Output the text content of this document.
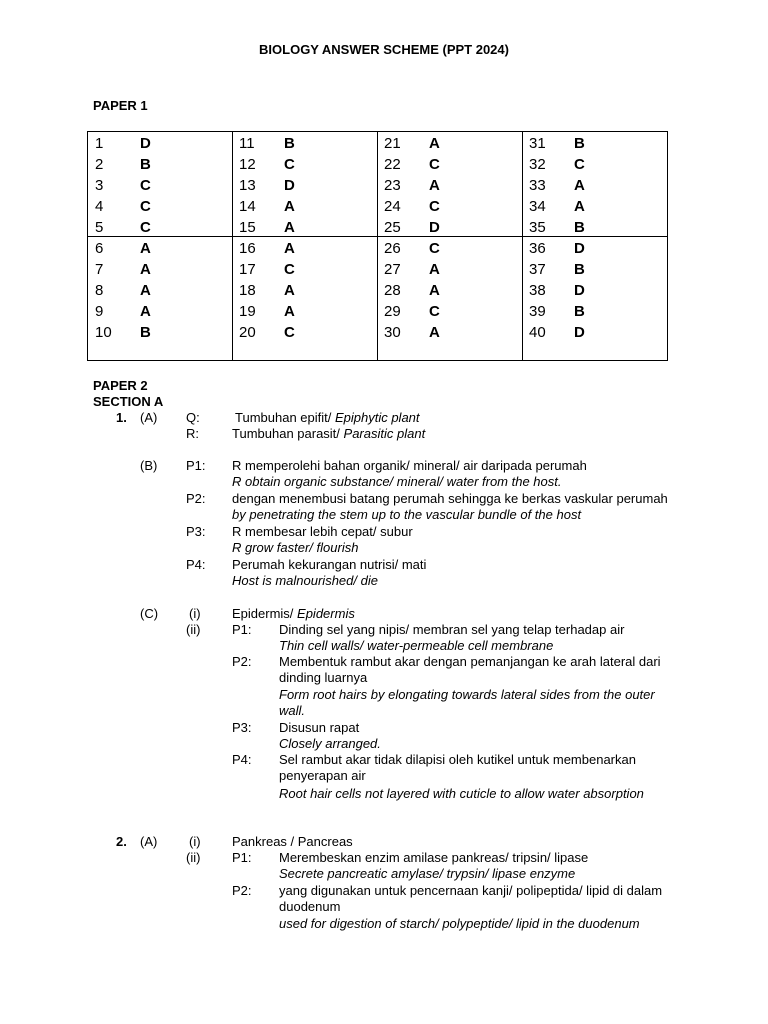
BIOLOGY ANSWER SCHEME (PPT 2024)
PAPER 1
1 D
2 B
3 C
4 C
5 C
6 A
7 A
8 A
9 A
10 B
11 B
12 C
13 D
14 A
15 A
16 A
17 C
18 A
19 A
20 C
21 A
22 C
23 A
24 C
25 D
26 C
27 A
28 A
29 C
30 A
31 B
32 C
33 A
34 A
35 B
36 D
37 B
38 D
39 B
40 D
PAPER 2
SECTION A
1. (A) Q:	Tumbuhan epifit/ Epiphytic plant
R:	Tumbuhan parasit/ Parasitic plant
(B) P1: R memperolehi bahan organik/ mineral/ air daripada perumah
R obtain organic substance/ mineral/ water from the host.
P2: dengan menembusi batang perumah sehingga ke berkas vaskular perumah
by penetrating the stem up to the vascular bundle of the host
P3: R membesar lebih cepat/ subur
R grow faster/ flourish
P4: Perumah kekurangan nutrisi/ mati
Host is malnourished/ die
(C) (i) Epidermis/ Epidermis
(ii) P1: Dinding sel yang nipis/ membran sel yang telap terhadap air
Thin cell walls/ water-permeable cell membrane
P2: Membentuk rambut akar dengan pemanjangan ke arah lateral dari
dinding luarnya
Form root hairs by elongating towards lateral sides from the outer
wall.
P3: Disusun rapat
Closely arranged.
P4: Sel rambut akar tidak dilapisi oleh kutikel untuk membenarkan
penyerapan air
Root hair cells not layered with cuticle to allow water absorption
2. (A) (i) Pankreas / Pancreas
(ii) P1: Merembeskan enzim amilase pankreas/ tripsin/ lipase
Secrete pancreatic amylase/ trypsin/ lipase enzyme
P2: yang digunakan untuk pencernaan kanji/ polipeptida/ lipid di dalam
duodenum
used for digestion of starch/ polypeptide/ lipid in the duodenum
